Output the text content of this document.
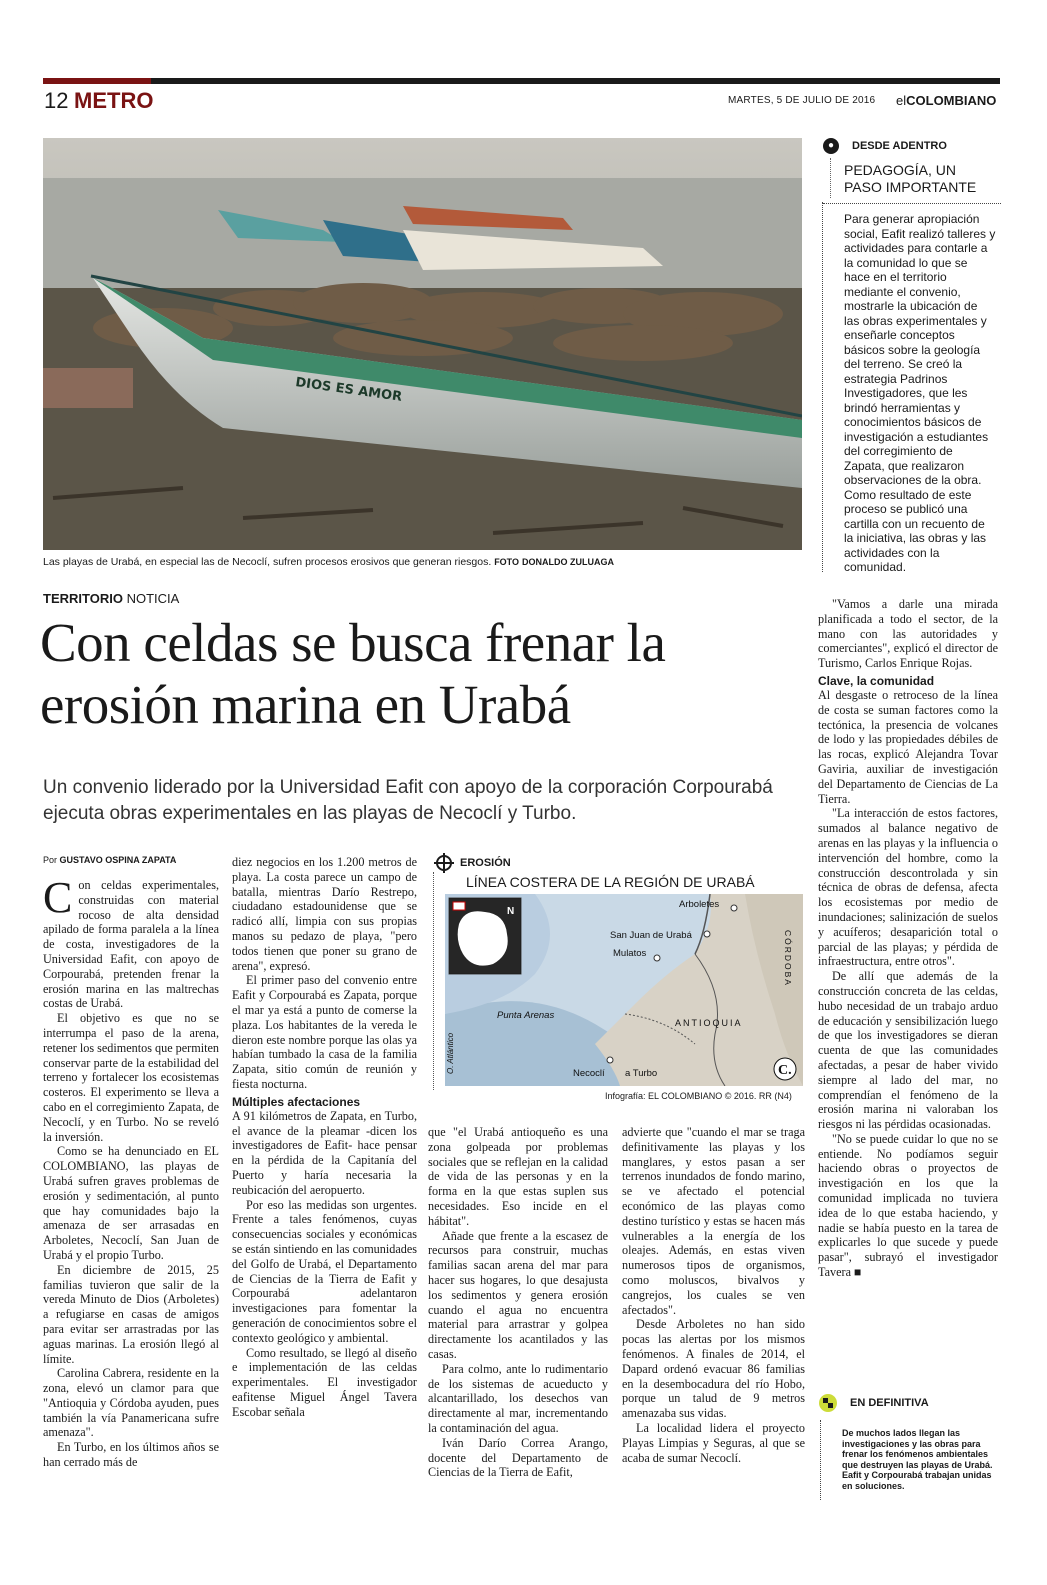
12 METRO	MARTES, 5 DE JULIO DE 2016 elCOLOMBIANO
DIOS ES AMOR
Las playas de Urabá, en especial las de Necoclí, sufren procesos erosivos que generan riesgos. FOTO DONALDO ZULUAGA
●	DESDE ADENTRO
PEDAGOGÍA, UN PASO IMPORTANTE
Para generar apropiación social, Eafit realizó talleres y actividades para contarle a la comunidad lo que se hace en el territorio mediante el convenio, mostrarle la ubicación de las obras experimentales y enseñarle conceptos básicos sobre la geología del terreno. Se creó la estrategia Padrinos Investigadores, que les brindó herramientas y conocimientos básicos de investigación a estudiantes del corregimiento de Zapata, que realizaron observaciones de la obra. Como resultado de este proceso se publicó una cartilla con un recuento de la iniciativa, las obras y las actividades con la comunidad.
TERRITORIO NOTICIA
Con celdas se busca frenar la erosión marina en Urabá
Un convenio liderado por la Universidad Eafit con apoyo de la corporación Corpourabá ejecuta obras experimentales en las playas de Necoclí y Turbo.
Por GUSTAVO OSPINA ZAPATA
C on celdas experimentales, construidas con material rocoso de alta densidad apilado de forma paralela a la línea de costa, investigadores de la Universidad Eafit, con apoyo de Corpourabá, pretenden frenar la erosión marina en las maltrechas costas de Urabá.

El objetivo es que no se interrumpa el paso de la arena, retener los sedimentos que permiten conservar parte de la estabilidad del terreno y fortalecer los ecosistemas costeros. El experimento se lleva a cabo en el corregimiento Zapata, de Necoclí, y en Turbo. No se reveló la inversión.

Como se ha denunciado en EL COLOMBIANO, las playas de Urabá sufren graves problemas de erosión y sedimentación, al punto que hay comunidades bajo la amenaza de ser arrasadas en Arboletes, Necoclí, San Juan de Urabá y el propio Turbo.

En diciembre de 2015, 25 familias tuvieron que salir de la vereda Minuto de Dios (Arboletes) a refugiarse en casas de amigos para evitar ser arrastradas por las aguas marinas. La erosión llegó al límite.

Carolina Cabrera, residente en la zona, elevó un clamor para que "Antioquia y Córdoba ayuden, pues también la vía Panamericana sufre amenaza".

En Turbo, en los últimos años se han cerrado más de

diez negocios en los 1.200 metros de playa. La costa parece un campo de batalla, mientras Darío Restrepo, ciudadano estadounidense que se radicó allí, limpia con sus propias manos su pedazo de playa, "pero todos tienen que poner su grano de arena", expresó.

El primer paso del convenio entre Eafit y Corpourabá es Zapata, porque el mar ya está a punto de comerse la plaza. Los habitantes de la vereda le dieron este nombre porque las olas ya habían tumbado la casa de la familia Zapata, sitio común de reunión y fiesta nocturna.

Múltiples afectaciones

A 91 kilómetros de Zapata, en Turbo, el avance de la pleamar -dicen los investigadores de Eafit- hace pensar en la pérdida de la Capitanía del Puerto y haría necesaria la reubicación del aeropuerto.

Por eso las medidas son urgentes. Frente a tales fenómenos, cuyas consecuencias sociales y económicas se están sintiendo en las comunidades del Golfo de Urabá, el Departamento de Ciencias de la Tierra de Eafit y Corpourabá adelantaron investigaciones para fomentar la generación de conocimientos sobre el contexto geológico y ambiental.

Como resultado, se llegó al diseño e implementación de las celdas experimentales. El investigador eafitense Miguel Ángel Tavera Escobar señala

EROSIÓN
LÍNEA COSTERA DE LA REGIÓN DE URABÁ
N
Arboletes
San Juan de Urabá
Mulatos
Punta Arenas
Necoclí a Turbo
ANTIOQUIA
CÓRDOBA
O. Atlántico	C.
Infografía: EL COLOMBIANO © 2016. RR (N4)

que "el Urabá antioqueño es una zona golpeada por problemas sociales que se reflejan en la calidad de vida de las personas y en la forma en la que estas suplen sus necesidades. Eso incide en el hábitat".

Añade que frente a la escasez de recursos para construir, muchas familias sacan arena del mar para hacer sus hogares, lo que desajusta los sedimentos y genera erosión cuando el agua no encuentra material para arrastrar y golpea directamente los acantilados y las casas.

Para colmo, ante lo rudimentario de los sistemas de acueducto y alcantarillado, los desechos van directamente al mar, incrementando la contaminación del agua.

Iván Darío Correa Arango, docente del Departamento de Ciencias de la Tierra de Eafit,

advierte que "cuando el mar se traga definitivamente las playas y los manglares, y estos pasan a ser terrenos inundados de fondo marino, se ve afectado el potencial económico de las playas como destino turístico y estas se hacen más vulnerables a la energía de los oleajes. Además, en estas viven numerosos tipos de organismos, como moluscos, bivalvos y cangrejos, los cuales se ven afectados".

Desde Arboletes no han sido pocas las alertas por los mismos fenómenos. A finales de 2014, el Dapard ordenó evacuar 86 familias en la desembocadura del río Hobo, porque un talud de 9 metros amenazaba sus vidas.

La localidad lidera el proyecto Playas Limpias y Seguras, al que se acaba de sumar Necoclí.

"Vamos a darle una mirada planificada a todo el sector, de la mano con las autoridades y comerciantes", explicó el director de Turismo, Carlos Enrique Rojas.

Clave, la comunidad

Al desgaste o retroceso de la línea de costa se suman factores como la tectónica, la presencia de volcanes de lodo y las propiedades débiles de las rocas, explicó Alejandra Tovar Gaviria, auxiliar de investigación del Departamento de Ciencias de La Tierra.

"La interacción de estos factores, sumados al balance negativo de arenas en las playas y la influencia o intervención del hombre, como la construcción descontrolada y sin técnica de obras de defensa, afecta los ecosistemas por medio de inundaciones; salinización de suelos y acuíferos; desaparición total o parcial de las playas; y pérdida de infraestructura, entre otros".

De allí que además de la construcción concreta de las celdas, hubo necesidad de un trabajo arduo de educación y sensibilización luego de que los investigadores se dieran cuenta de que las comunidades afectadas, a pesar de haber vivido siempre al lado del mar, no comprendían el fenómeno de la erosión marina ni valoraban los riesgos ni las pérdidas ocasionadas.

"No se puede cuidar lo que no se entiende. No podíamos seguir haciendo obras o proyectos de investigación en los que la comunidad implicada no tuviera idea de lo que estaba haciendo, y nadie se había puesto en la tarea de explicarles lo que sucede y puede pasar", subrayó el investigador Tavera ■

EN DEFINITIVA
De muchos lados llegan las investigaciones y las obras para frenar los fenómenos ambientales que destruyen las playas de Urabá. Eafit y Corpourabá trabajan unidas en soluciones.
